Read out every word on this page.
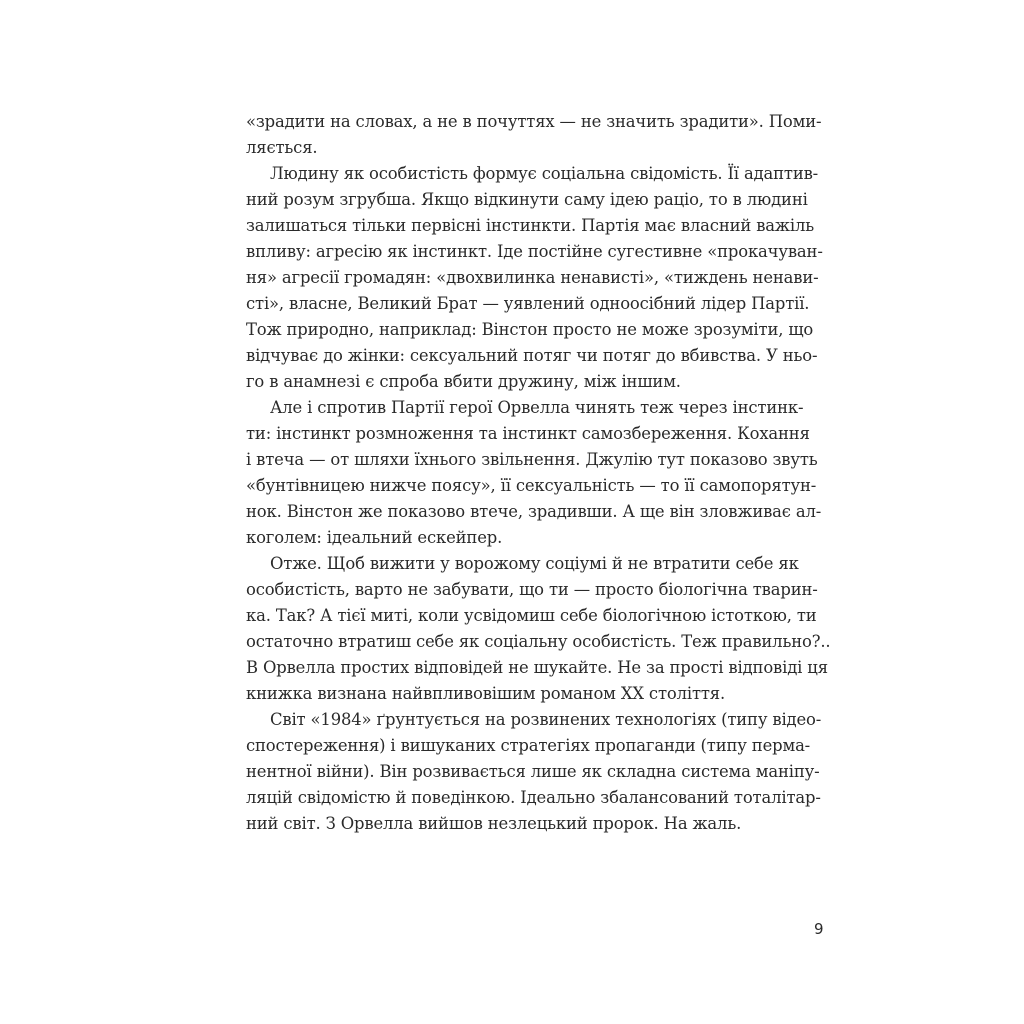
«зрадити на словах, а не в почуттях — не значить зрадити». Поми-
ляється.
Людину як особистість формує соціальна свідомість. Її адаптив-
ний розум згрубша. Якщо відкинути саму ідею раціо, то в людині
залишаться тільки первісні інстинкти. Партія має власний важіль
впливу: агресію як інстинкт. Іде постійне сугестивне «прокачуван-
ня» агресії громадян: «двохвилинка ненависті», «тиждень ненави-
сті», власне, Великий Брат — уявлений одноосібний лідер Партії.
Тож природно, наприклад: Вінстон просто не може зрозуміти, що
відчуває до жінки: сексуальний потяг чи потяг до вбивства. У ньо-
го в анамнезі є спроба вбити дружину, між іншим.
Але і спротив Партії герої Орвелла чинять теж через інстинк-
ти: інстинкт розмноження та інстинкт самозбереження. Кохання
і втеча — от шляхи їхнього звільнення. Джулію тут показово звуть
«бунтівницею нижче поясу», її сексуальність — то її самопорятун-
нок. Вінстон же показово втече, зрадивши. А ще він зловживає ал-
коголем: ідеальний ескейпер.
Отже. Щоб вижити у ворожому соціумі й не втратити себе як
особистість, варто не забувати, що ти — просто біологічна тварин-
ка. Так? А тієї миті, коли усвідомиш себе біологічною істоткою, ти
остаточно втратиш себе як соціальну особистість. Теж правильно?..
В Орвелла простих відповідей не шукайте. Не за прості відповіді ця
книжка визнана найвпливовішим романом XX століття.
Світ «1984» ґрунтується на розвинених технологіях (типу відео-
спостереження) і вишуканих стратегіях пропаганди (типу перма-
нентної війни). Він розвивається лише як складна система маніпу-
ляцій свідомістю й поведінкою. Ідеально збалансований тоталітар-
ний світ. З Орвелла вийшов незлецький пророк. На жаль.
9
